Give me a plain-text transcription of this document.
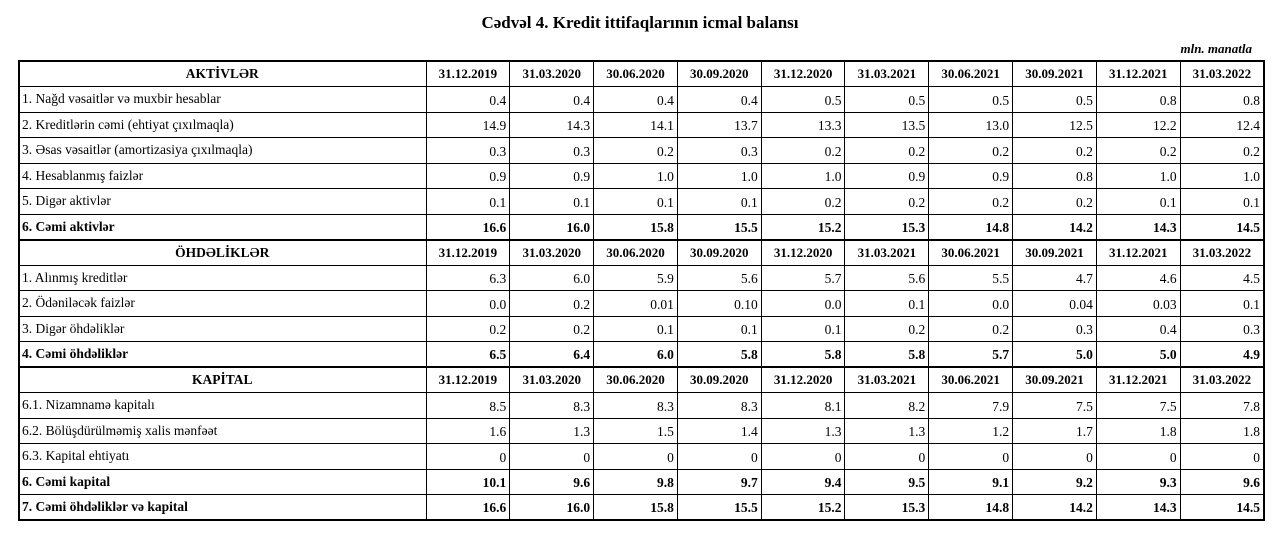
Cədvəl 4. Kredit ittifaqlarının icmal balansı
mln. manatla
AKTİVLƏR	31.12.2019	31.03.2020	30.06.2020	30.09.2020	31.12.2020	31.03.2021	30.06.2021	30.09.2021	31.12.2021	31.03.2022
1. Nağd vəsaitlər və muxbir hesablar	0.4	0.4	0.4	0.4	0.5	0.5	0.5	0.5	0.8	0.8
2. Kreditlərin cəmi (ehtiyat çıxılmaqla)	14.9	14.3	14.1	13.7	13.3	13.5	13.0	12.5	12.2	12.4
3. Əsas vəsaitlər (amortizasiya çıxılmaqla)	0.3	0.3	0.2	0.3	0.2	0.2	0.2	0.2	0.2	0.2
4. Hesablanmış faizlər	0.9	0.9	1.0	1.0	1.0	0.9	0.9	0.8	1.0	1.0
5. Digər aktivlər	0.1	0.1	0.1	0.1	0.2	0.2	0.2	0.2	0.1	0.1
6. Cəmi aktivlər	16.6	16.0	15.8	15.5	15.2	15.3	14.8	14.2	14.3	14.5
ÖHDƏLİKLƏR	31.12.2019	31.03.2020	30.06.2020	30.09.2020	31.12.2020	31.03.2021	30.06.2021	30.09.2021	31.12.2021	31.03.2022
1. Alınmış kreditlər	6.3	6.0	5.9	5.6	5.7	5.6	5.5	4.7	4.6	4.5
2. Ödəniləcək faizlər	0.0	0.2	0.01	0.10	0.0	0.1	0.0	0.04	0.03	0.1
3. Digər öhdəliklər	0.2	0.2	0.1	0.1	0.1	0.2	0.2	0.3	0.4	0.3
4. Cəmi öhdəliklər	6.5	6.4	6.0	5.8	5.8	5.8	5.7	5.0	5.0	4.9
KAPİTAL	31.12.2019	31.03.2020	30.06.2020	30.09.2020	31.12.2020	31.03.2021	30.06.2021	30.09.2021	31.12.2021	31.03.2022
6.1. Nizamnamə kapitalı	8.5	8.3	8.3	8.3	8.1	8.2	7.9	7.5	7.5	7.8
6.2. Bölüşdürülməmiş xalis mənfəət	1.6	1.3	1.5	1.4	1.3	1.3	1.2	1.7	1.8	1.8
6.3. Kapital ehtiyatı	0	0	0	0	0	0	0	0	0	0
6. Cəmi kapital	10.1	9.6	9.8	9.7	9.4	9.5	9.1	9.2	9.3	9.6
7. Cəmi öhdəliklər və kapital	16.6	16.0	15.8	15.5	15.2	15.3	14.8	14.2	14.3	14.5
